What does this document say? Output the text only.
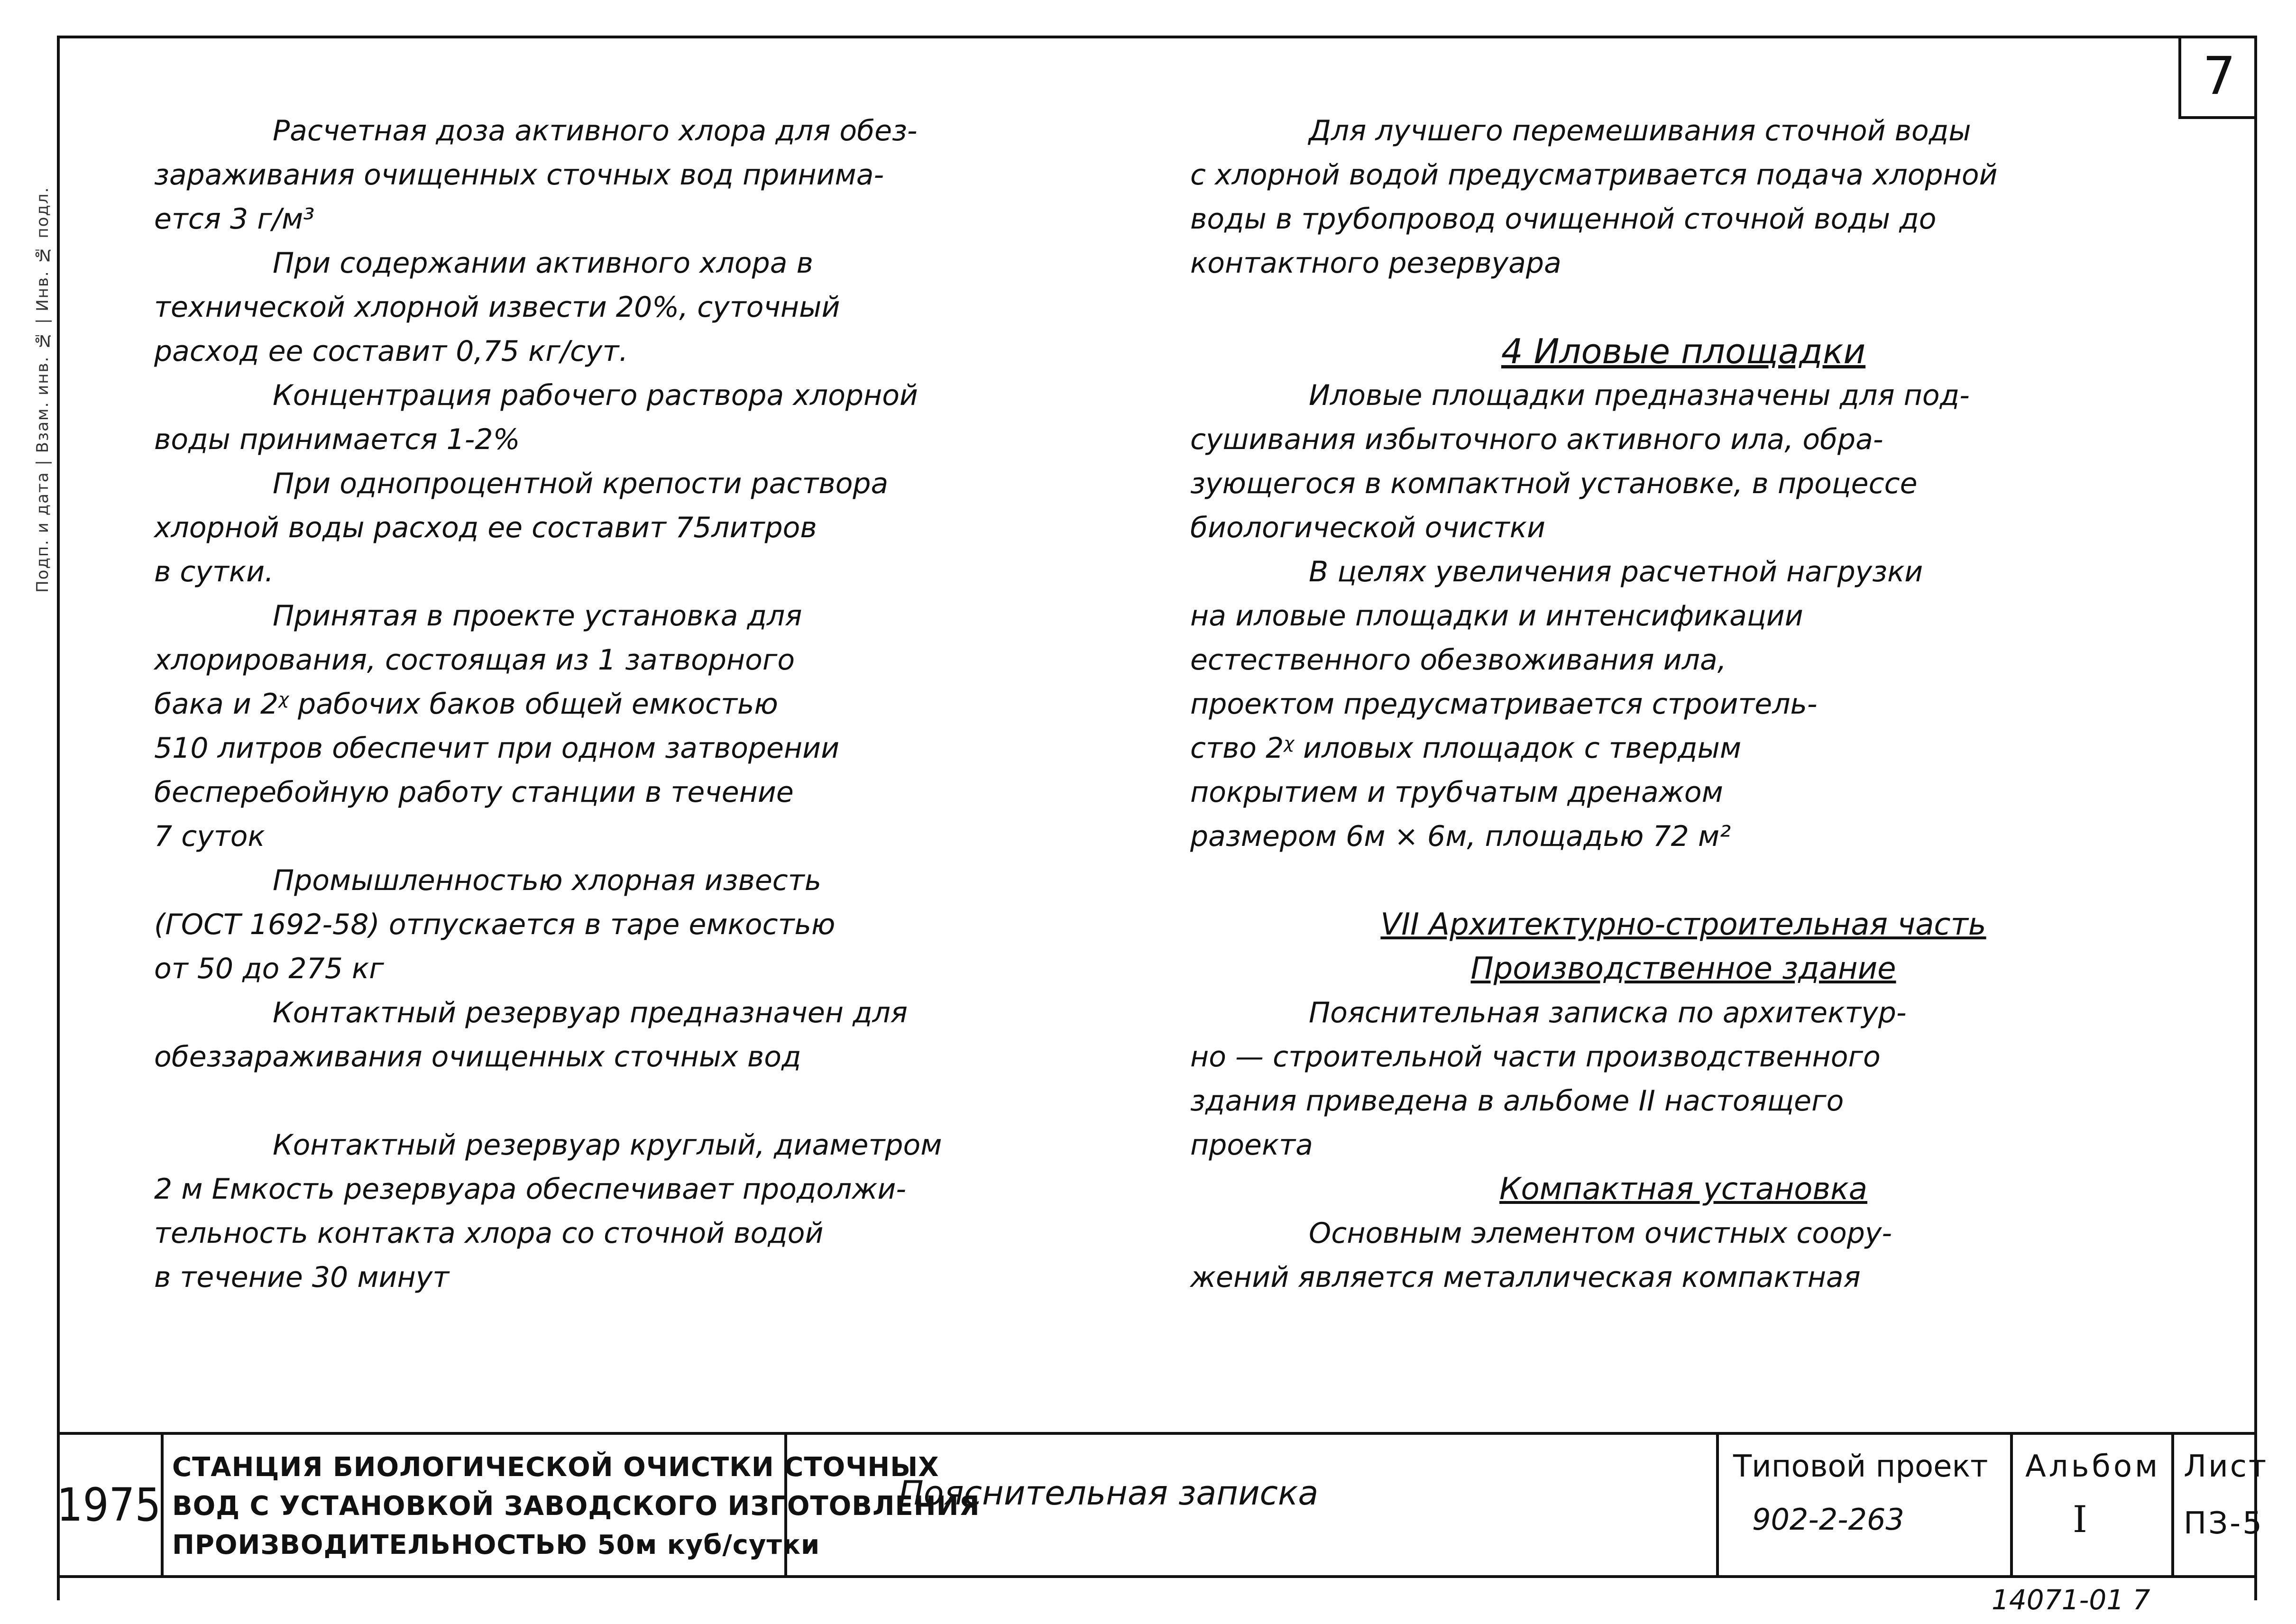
7
Подп. и дата | Взам. инв. № | Инв. № подл.

Расчетная доза активного хлора для обез-

зараживания очищенных сточных вод принима-

ется 3 г/м³

При содержании активного хлора в

технической хлорной извести 20%, суточный

расход ее составит 0,75 кг/сут.

Концентрация рабочего раствора хлорной

воды принимается 1-2%

При однопроцентной крепости раствора

хлорной воды расход ее составит 75литров

в сутки.

Принятая в проекте установка для

хлорирования, состоящая из 1 затворного

бака и 2ᵡ рабочих баков общей емкостью

510 литров обеспечит при одном затворении

бесперебойную работу станции в течение

7 суток

Промышленностью хлорная известь

(ГОСТ 1692-58) отпускается в таре емкостью

от 50 до 275 кг

Контактный резервуар предназначен для

обеззараживания очищенных сточных вод

Контактный резервуар круглый, диаметром

2 м Емкость резервуара обеспечивает продолжи-

тельность контакта хлора со сточной водой

в течение 30 минут

Для лучшего перемешивания сточной воды

с хлорной водой предусматривается подача хлорной

воды в трубопровод очищенной сточной воды до

контактного резервуара

4 Иловые площадки

Иловые площадки предназначены для под-

сушивания избыточного активного ила, обра-

зующегося в компактной установке, в процессе

биологической очистки

В целях увеличения расчетной нагрузки

на иловые площадки и интенсификации

естественного обезвоживания ила,

проектом предусматривается строитель-

ство 2ᵡ иловых площадок с твердым

покрытием и трубчатым дренажом

размером 6м × 6м, площадью 72 м²

VII Архитектурно-строительная часть

Производственное здание

Пояснительная записка по архитектур-

но — строительной части производственного

здания приведена в альбоме II настоящего

проекта

Компактная установка

Основным элементом очистных соору-

жений является металлическая компактная

1975
СТАНЦИЯ БИОЛОГИЧЕСКОЙ ОЧИСТКИ СТОЧНЫХ
ВОД С УСТАНОВКОЙ ЗАВОДСКОГО ИЗГОТОВЛЕНИЯ
ПРОИЗВОДИТЕЛЬНОСТЬЮ 50м куб/сутки
Пояснительная записка
Типовой проект
902-2-263
Альбом
I
Лист
ПЗ-5
14071-01 7
